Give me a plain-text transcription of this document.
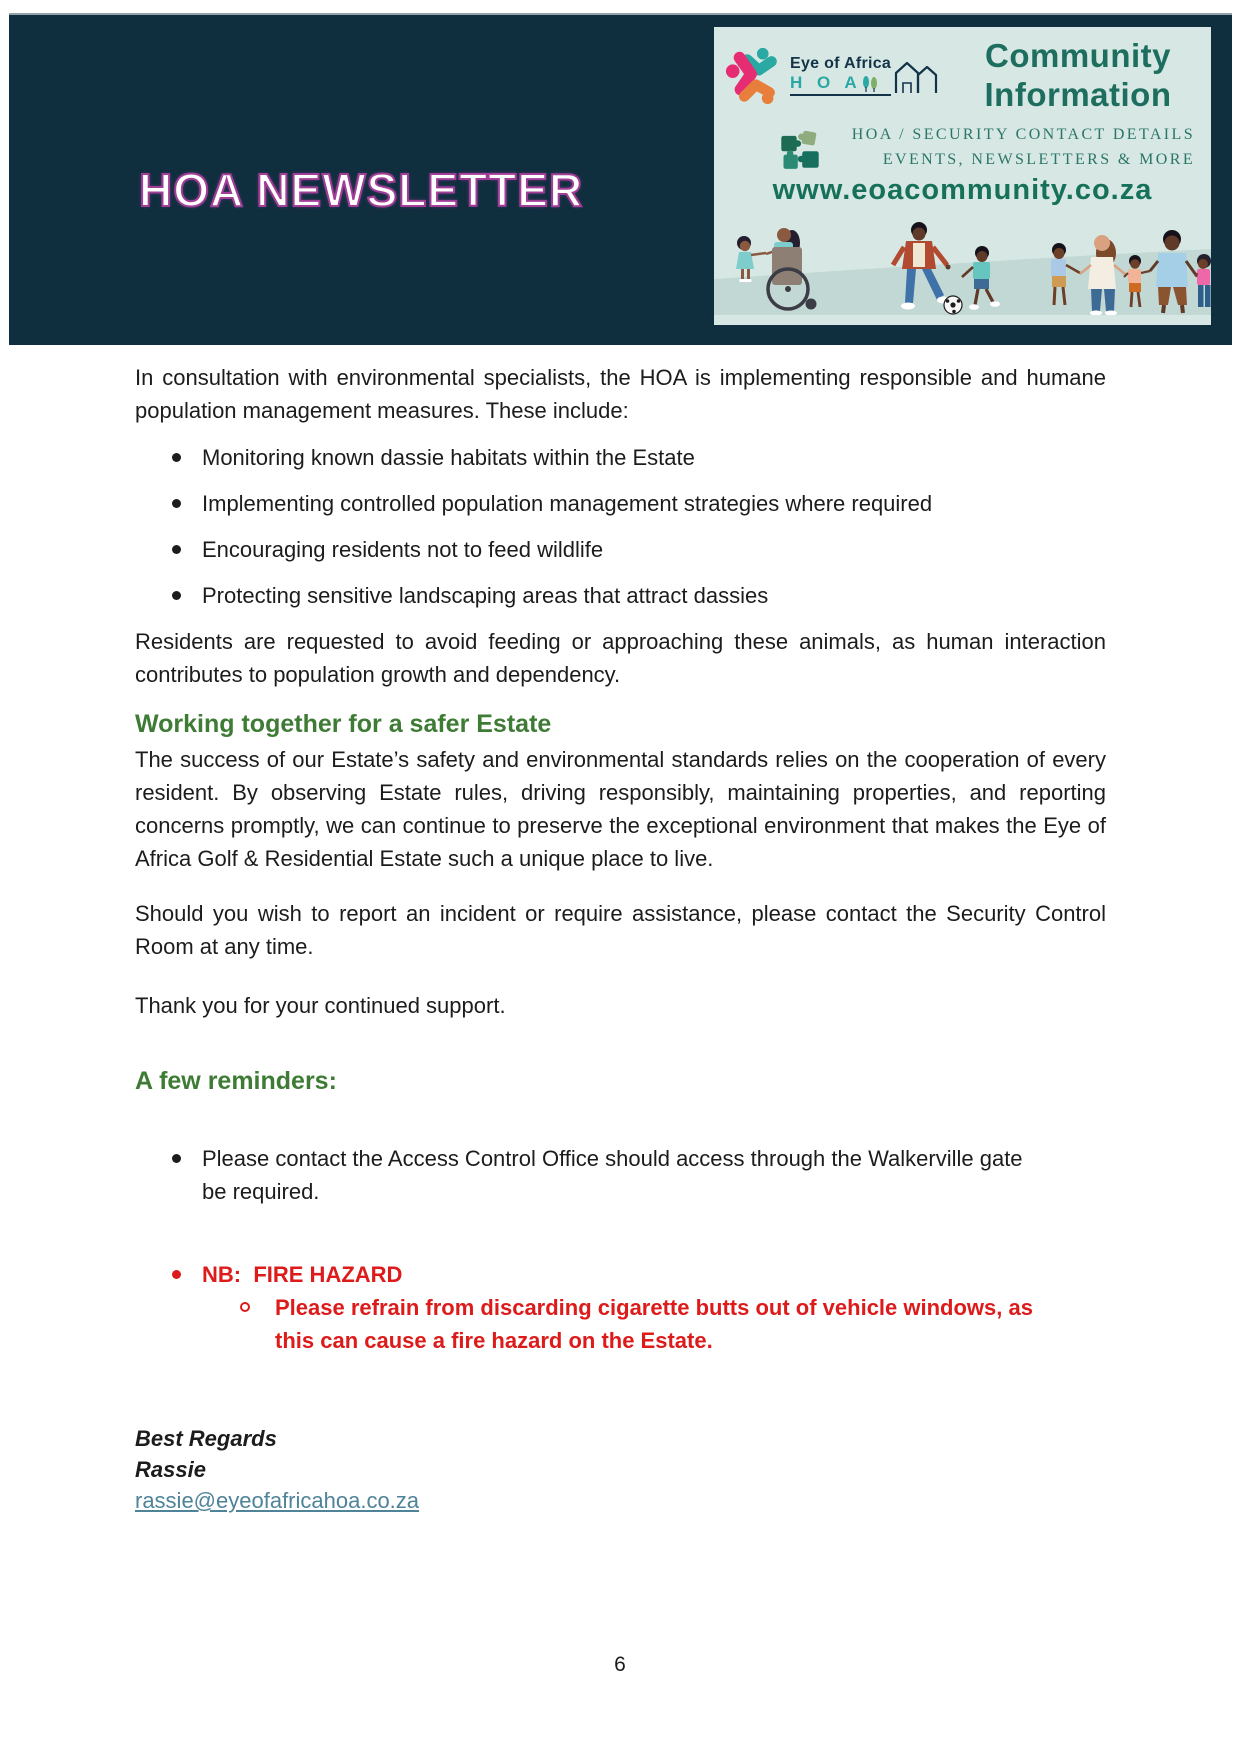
HOA NEWSLETTER
Eye of Africa
H O A
Community
Information
HOA / SECURITY CONTACT DETAILS
EVENTS, NEWSLETTERS & MORE
www.eoacommunity.co.za

In consultation with environmental specialists, the HOA is implementing responsible and humane population management measures. These include:

Monitoring known dassie habitats within the Estate
Implementing controlled population management strategies where required
Encouraging residents not to feed wildlife
Protecting sensitive landscaping areas that attract dassies

Residents are requested to avoid feeding or approaching these animals, as human interaction contributes to population growth and dependency.

Working together for a safer Estate

The success of our Estate’s safety and environmental standards relies on the cooperation of every resident. By observing Estate rules, driving responsibly, maintaining properties, and reporting concerns promptly, we can continue to preserve the exceptional environment that makes the Eye of Africa Golf & Residential Estate such a unique place to live.

Should you wish to report an incident or require assistance, please contact the Security Control Room at any time.

Thank you for your continued support.

A few reminders:
Please contact the Access Control Office should access through the Walkerville gate be required.
NB:  FIRE HAZARD
Please refrain from discarding cigarette butts out of vehicle windows, as this can cause a fire hazard on the Estate.
Best Regards
Rassie
rassie@eyeofafricahoa.co.za
6
